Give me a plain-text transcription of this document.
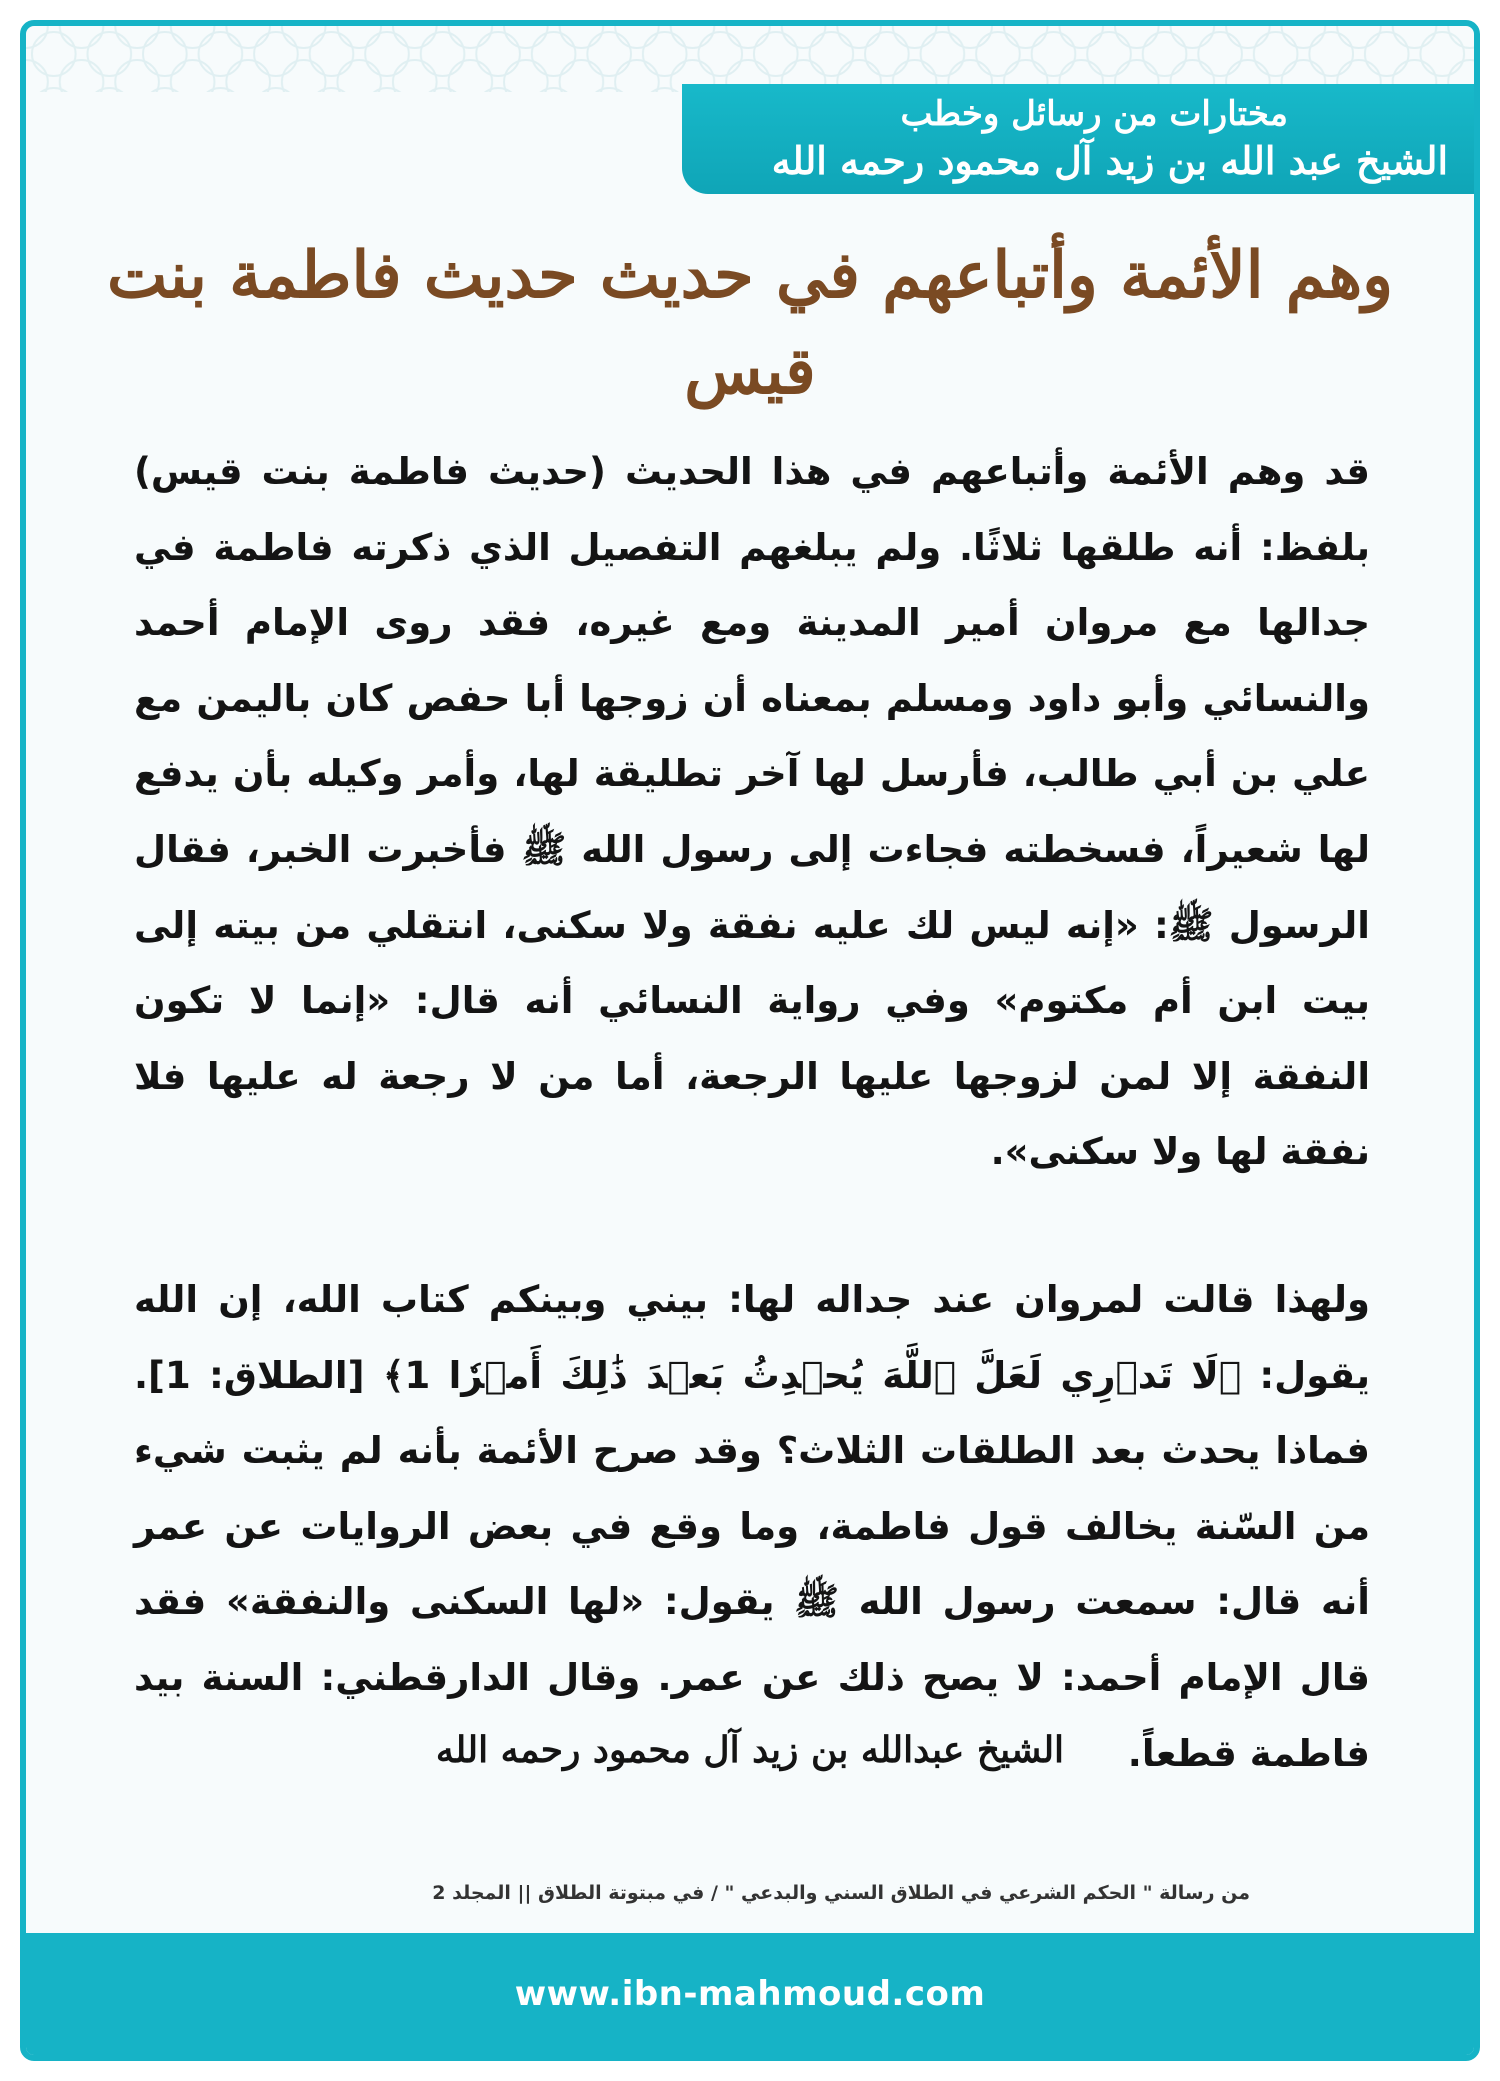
مختارات من رسائل وخطب
الشيخ عبد الله بن زيد آل محمود رحمه الله
وهم الأئمة وأتباعهم في حديث حديث فاطمة بنت قيس

قد وهم الأئمة وأتباعهم في هذا الحديث (حديث فاطمة بنت قيس) بلفظ: أنه طلقها ثلاثًا. ولم يبلغهم التفصيل الذي ذكرته فاطمة في جدالها مع مروان أمير المدينة ومع غيره، فقد روى الإمام أحمد والنسائي وأبو داود ومسلم بمعناه أن زوجها أبا حفص كان باليمن مع علي بن أبي طالب، فأرسل لها آخر تطليقة لها، وأمر وكيله بأن يدفع لها شعيراً، فسخطته فجاءت إلى رسول الله ﷺ فأخبرت الخبر، فقال الرسول ﷺ: «إنه ليس لك عليه نفقة ولا سكنى، انتقلي من بيته إلى بيت ابن أم مكتوم» وفي رواية النسائي أنه قال: «إنما لا تكون النفقة إلا لمن لزوجها عليها الرجعة، أما من لا رجعة له عليها فلا نفقة لها ولا سكنى».

ولهذا قالت لمروان عند جداله لها: بيني وبينكم كتاب الله، إن الله يقول: ﴿لَا تَدۡرِي لَعَلَّ ٱللَّهَ يُحۡدِثُ بَعۡدَ ذَٰلِكَ أَمۡرٗا 1﴾ [الطلاق: 1]. فماذا يحدث بعد الطلقات الثلاث؟ وقد صرح الأئمة بأنه لم يثبت شيء من السّنة يخالف قول فاطمة، وما وقع في بعض الروايات عن عمر أنه قال: سمعت رسول الله ﷺ يقول: «لها السكنى والنفقة» فقد قال الإمام أحمد: لا يصح ذلك عن عمر. وقال الدارقطني: السنة بيد فاطمة قطعاً.

الشيخ عبدالله بن زيد آل محمود رحمه الله
من رسالة " الحكم الشرعي في الطلاق السني والبدعي " / في مبتوتة الطلاق || المجلد 2
www.ibn-mahmoud.com
